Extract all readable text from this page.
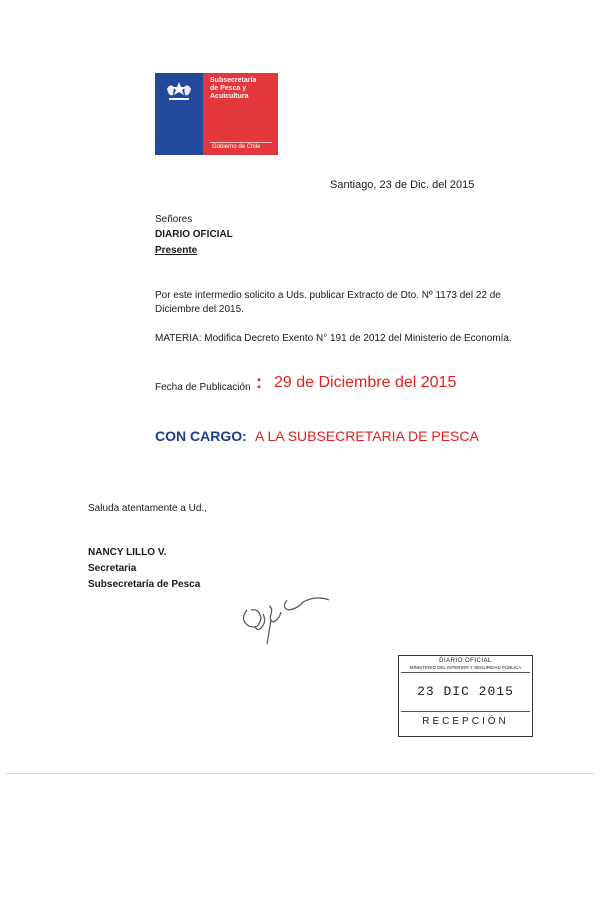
Subsecretaría
de Pesca y
Acuicultura
Gobierno de Chile
Santiago, 23 de Dic. del 2015
Señores
DIARIO OFICIAL
Presente
Por este intermedio solicito a Uds. publicar Extracto de Dto. Nº 1173 del 22 de Diciembre del 2015.
MATERIA: Modifica Decreto Exento N° 191 de 2012 del Ministerio de Economía.
Fecha de Publicación : 29 de Diciembre del 2015
CON CARGO: A LA SUBSECRETARIA DE PESCA
Saluda atentamente a Ud.,
NANCY LILLO V.
Secretaria
Subsecretaría de Pesca
DIARIO OFICIAL
MINISTERIO DEL INTERIOR Y SEGURIDAD PÚBLICA
23 DIC 2015
RECEPCIÓN
